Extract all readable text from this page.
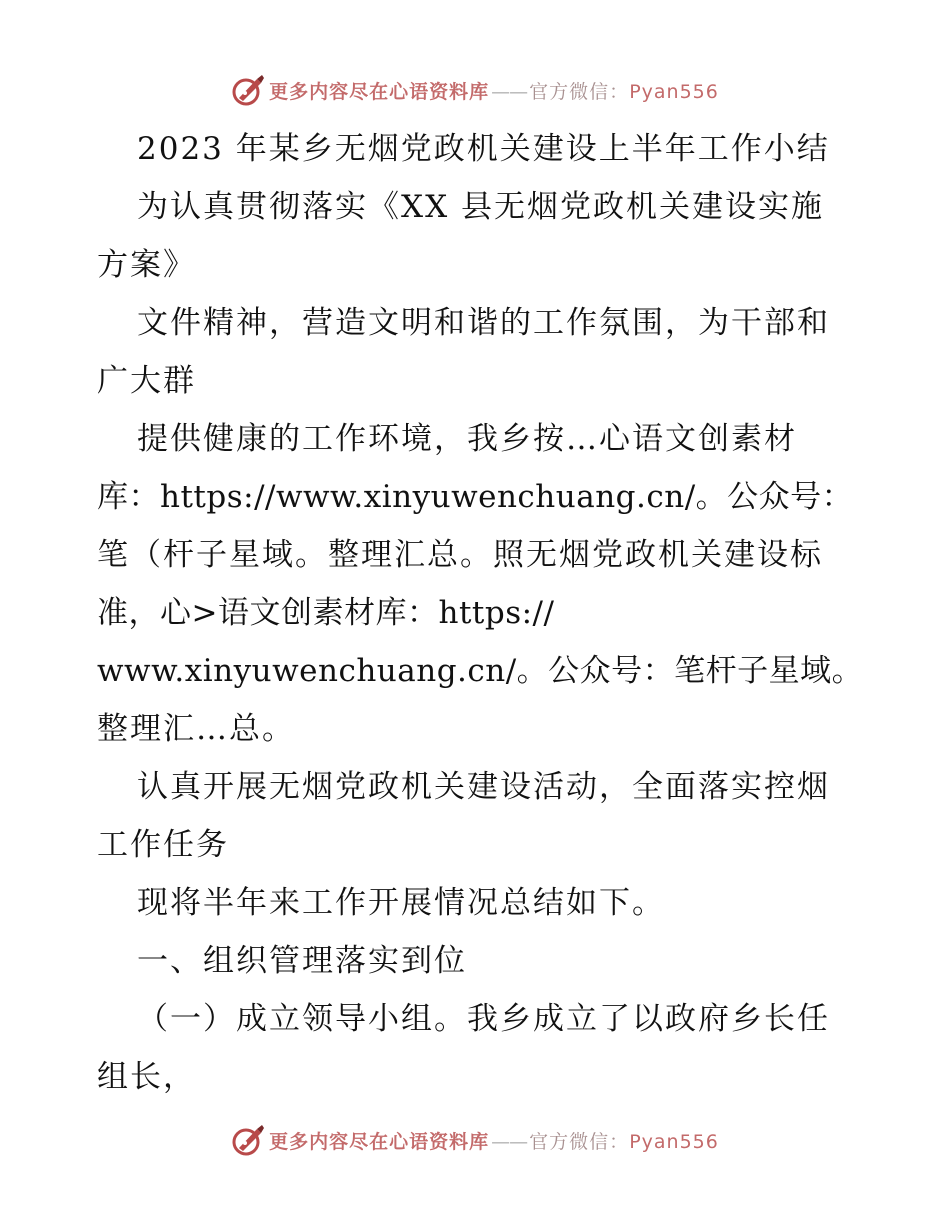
更多内容尽在心语资料库 —— 官方微信：Pyan556
2023 年某乡无烟党政机关建设上半年工作小结
为认真贯彻落实《XX 县无烟党政机关建设实施
方案》
文件精神，营造文明和谐的工作氛围，为干部和
广大群
提供健康的工作环境，我乡按…心语文创素材
库：https://www.xinyuwenchuang.cn/。公众号：
笔（杆子星域。整理汇总。照无烟党政机关建设标
准，心>语文创素材库：https://
www.xinyuwenchuang.cn/。公众号：笔杆子星域。
整理汇…总。
认真开展无烟党政机关建设活动，全面落实控烟
工作任务
现将半年来工作开展情况总结如下。
一、组织管理落实到位
（一）成立领导小组。我乡成立了以政府乡长任
组长，
更多内容尽在心语资料库 —— 官方微信：Pyan556
